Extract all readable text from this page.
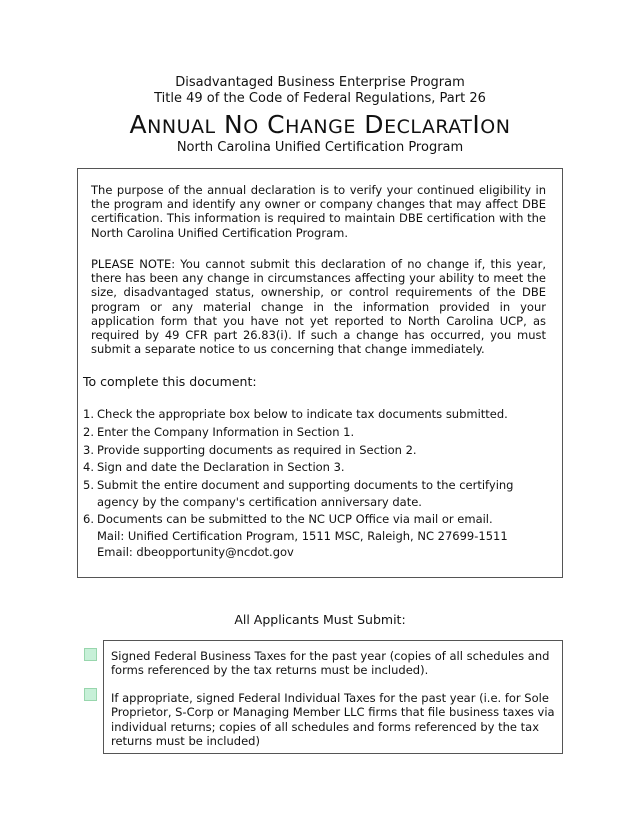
Disadvantaged Business Enterprise Program
Title 49 of the Code of Federal Regulations, Part 26
ANNUAL NO CHANGE DECLARATION
North Carolina Unified Certification Program
The purpose of the annual declaration is to verify your continued eligibility in the program and identify any owner or company changes that may affect DBE certification. This information is required to maintain DBE certification with the North Carolina Unified Certification Program.
PLEASE NOTE: You cannot submit this declaration of no change if, this year, there has been any change in circumstances affecting your ability to meet the size, disadvantaged status, ownership, or control requirements of the DBE program or any material change in the information provided in your application form that you have not yet reported to North Carolina UCP, as required by 49 CFR part 26.83(i). If such a change has occurred, you must submit a separate notice to us concerning that change immediately.
To complete this document:
1. Check the appropriate box below to indicate tax documents submitted.
2. Enter the Company Information in Section 1.
3. Provide supporting documents as required in Section 2.
4. Sign and date the Declaration in Section 3.
5. Submit the entire document and supporting documents to the certifying
agency by the company's certification anniversary date.
6. Documents can be submitted to the NC UCP Office via mail or email.
Mail: Unified Certification Program, 1511 MSC, Raleigh, NC 27699-1511
Email: dbeopportunity@ncdot.gov
All Applicants Must Submit:
Signed Federal Business Taxes for the past year (copies of all schedules and forms referenced by the tax returns must be included).
If appropriate, signed Federal Individual Taxes for the past year (i.e. for Sole Proprietor, S-Corp or Managing Member LLC firms that file business taxes via individual returns; copies of all schedules and forms referenced by the tax returns must be included)
